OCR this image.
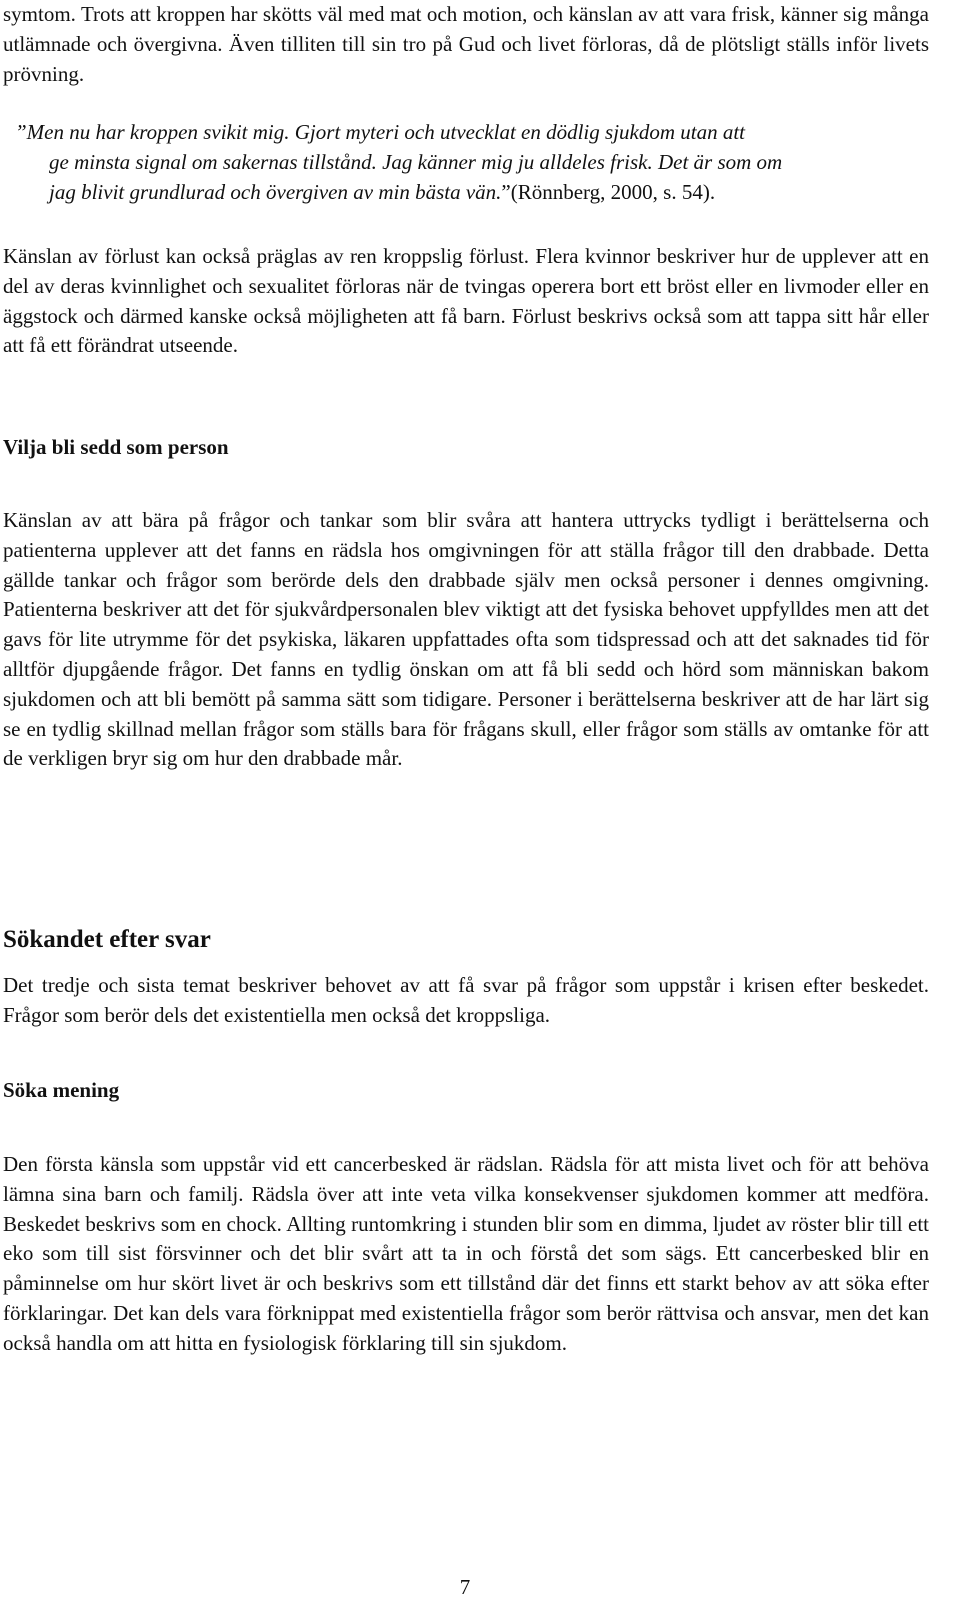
symtom. Trots att kroppen har skötts väl med mat och motion, och känslan av att vara frisk, känner sig många utlämnade och övergivna. Även tilliten till sin tro på Gud och livet förloras, då de plötsligt ställs inför livets prövning.

”Men nu har kroppen svikit mig. Gjort myteri och utvecklat en dödlig sjukdom utan att

ge minsta signal om sakernas tillstånd. Jag känner mig ju alldeles frisk. Det är som om

jag blivit grundlurad och övergiven av min bästa vän.”(Rönnberg, 2000, s. 54).

Känslan av förlust kan också präglas av ren kroppslig förlust. Flera kvinnor beskriver hur de upplever att en del av deras kvinnlighet och sexualitet förloras när de tvingas operera bort ett bröst eller en livmoder eller en äggstock och därmed kanske också möjligheten att få barn. Förlust beskrivs också som att tappa sitt hår eller att få ett förändrat utseende.

Vilja bli sedd som person

Känslan av att bära på frågor och tankar som blir svåra att hantera uttrycks tydligt i berättelserna och patienterna upplever att det fanns en rädsla hos omgivningen för att ställa frågor till den drabbade. Detta gällde tankar och frågor som berörde dels den drabbade själv men också personer i dennes omgivning. Patienterna beskriver att det för sjukvårdpersonalen blev viktigt att det fysiska behovet uppfylldes men att det gavs för lite utrymme för det psykiska, läkaren uppfattades ofta som tidspressad och att det saknades tid för alltför djupgående frågor. Det fanns en tydlig önskan om att få bli sedd och hörd som människan bakom sjukdomen och att bli bemött på samma sätt som tidigare. Personer i berättelserna beskriver att de har lärt sig se en tydlig skillnad mellan frågor som ställs bara för frågans skull, eller frågor som ställs av omtanke för att de verkligen bryr sig om hur den drabbade mår.

Sökandet efter svar

Det tredje och sista temat beskriver behovet av att få svar på frågor som uppstår i krisen efter beskedet. Frågor som berör dels det existentiella men också det kroppsliga.

Söka mening

Den första känsla som uppstår vid ett cancerbesked är rädslan. Rädsla för att mista livet och för att behöva lämna sina barn och familj. Rädsla över att inte veta vilka konsekvenser sjukdomen kommer att medföra. Beskedet beskrivs som en chock. Allting runtomkring i stunden blir som en dimma, ljudet av röster blir till ett eko som till sist försvinner och det blir svårt att ta in och förstå det som sägs. Ett cancerbesked blir en påminnelse om hur skört livet är och beskrivs som ett tillstånd där det finns ett starkt behov av att söka efter förklaringar. Det kan dels vara förknippat med existentiella frågor som berör rättvisa och ansvar, men det kan också handla om att hitta en fysiologisk förklaring till sin sjukdom.

7
